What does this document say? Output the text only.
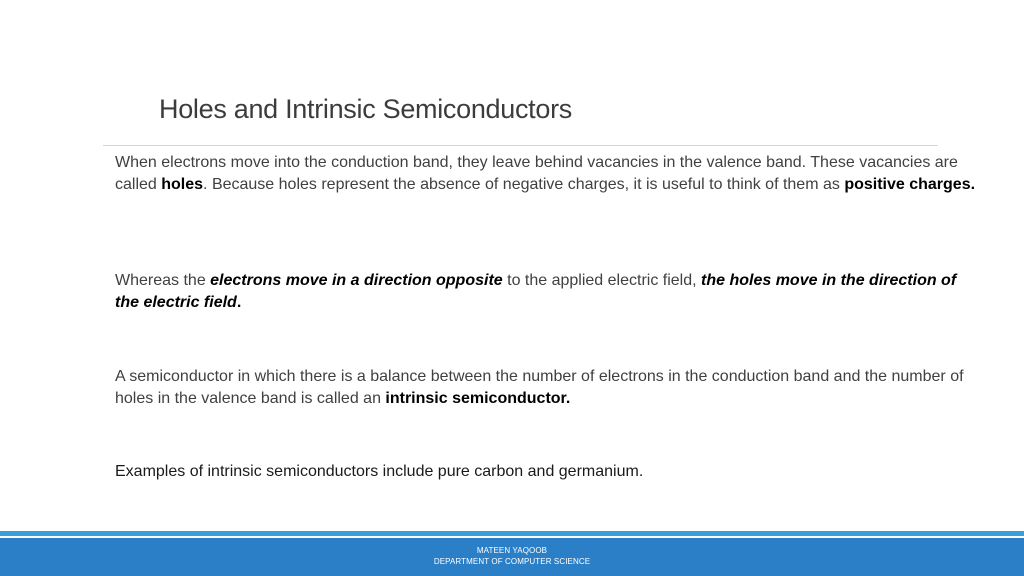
Holes and Intrinsic Semiconductors
When electrons move into the conduction band, they leave behind vacancies in the valence band. These vacancies are called holes. Because holes represent the absence of negative charges, it is useful to think of them as positive charges.
Whereas the electrons move in a direction opposite to the applied electric field, the holes move in the direction of the electric field.
A semiconductor in which there is a balance between the number of electrons in the conduction band and the number of holes in the valence band is called an intrinsic semiconductor.
Examples of intrinsic semiconductors include pure carbon and germanium.
MATEEN YAQOOB
DEPARTMENT OF COMPUTER SCIENCE
